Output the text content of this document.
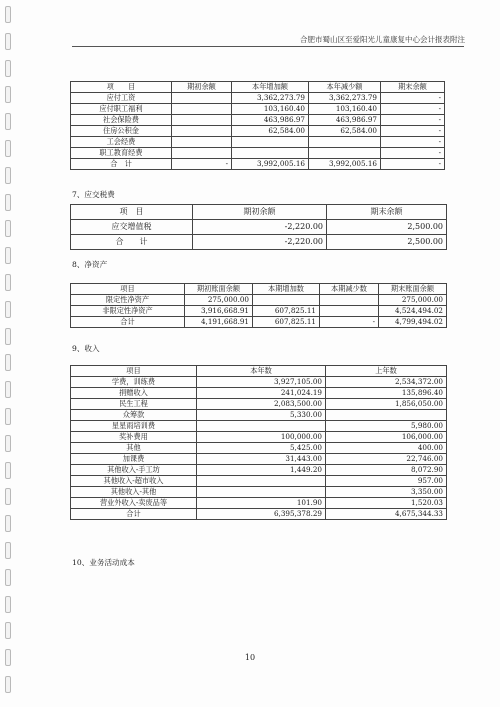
合肥市蜀山区至爱阳光儿童康复中心会计报表附注
项　　目	期初余额	本年增加额	本年减少额	期末余额
应付工资		3,362,273.79	3,362,273.79	-
应付职工福利		103,160.40	103,160.40	-
社会保险费		463,986.97	463,986.97	-
住房公积金		62,584.00	62,584.00	-
工会经费				-
职工教育经费				-
合　计	-	3,992,005.16	3,992,005.16	-
7、应交税费
项　目	期初余额	期末余额
应交增值税	-2,220.00	2,500.00
合　　计	-2,220.00	2,500.00
8、净资产
项目	期初账面余额	本期增加数	本期减少数	期末账面余额
限定性净资产	275,000.00			275,000.00
非限定性净资产	3,916,668.91	607,825.11		4,524,494.02
合计	4,191,668.91	607,825.11	-	4,799,494.02
9、收入
项目	本年数	上年数
学费，训练费	3,927,105.00	2,534,372.00
捐赠收入	241,024.19	135,896.40
民生工程	2,083,500.00	1,856,050.00
众筹款	5,330.00	
星星雨培训费		5,980.00
奖补费用	100,000.00	106,000.00
其他	5,425.00	400.00
加课费	31,443.00	22,746.00
其他收入-手工坊	1,449.20	8,072.90
其他收入-超市收入		957.00
其他收入-其他		3,350.00
营业外收入-卖废品等	101.90	1,520.03
合计	6,395,378.29	4,675,344.33
10、业务活动成本
10
